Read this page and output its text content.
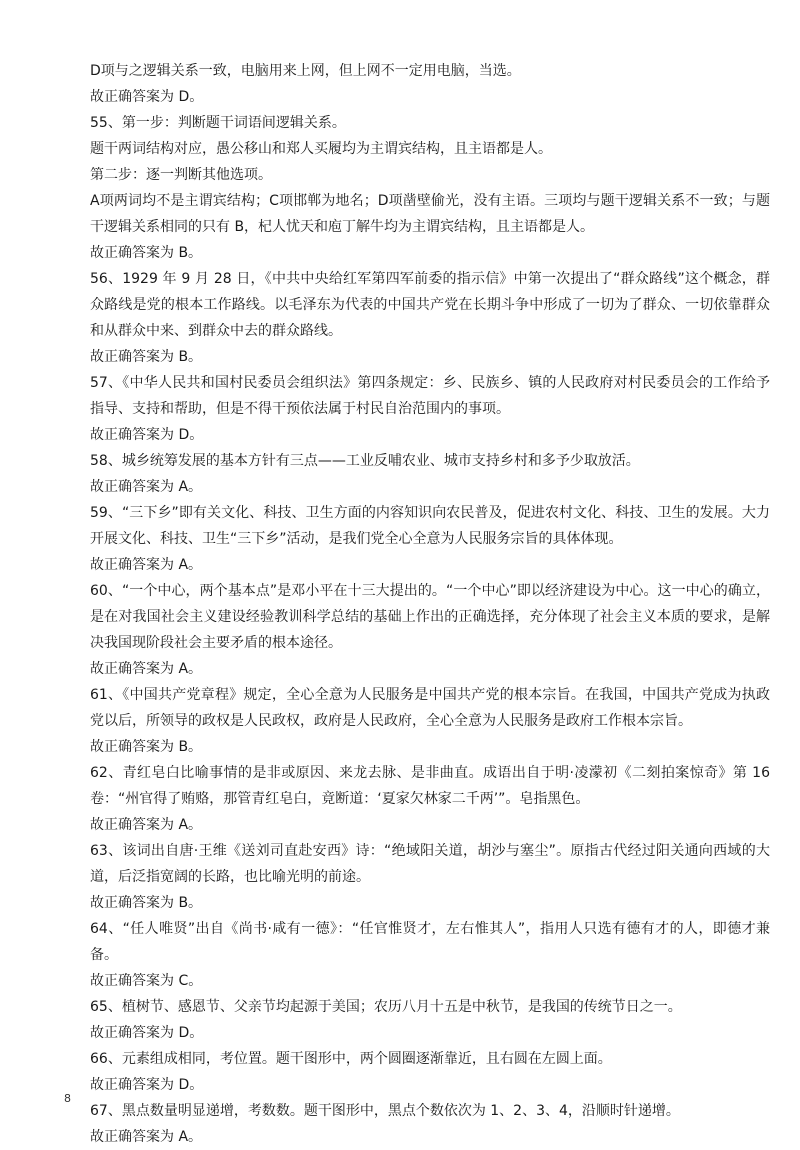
D项与之逻辑关系一致，电脑用来上网，但上网不一定用电脑，当选。

故正确答案为 D。

55、第一步：判断题干词语间逻辑关系。

题干两词结构对应，愚公移山和郑人买履均为主谓宾结构，且主语都是人。

第二步：逐一判断其他选项。

A项两词均不是主谓宾结构；C项邯郸为地名；D项凿壁偷光，没有主语。三项均与题干逻辑关系不一致；与题干逻辑关系相同的只有 B，杞人忧天和庖丁解牛均为主谓宾结构，且主语都是人。

故正确答案为 B。

56、1929 年 9 月 28 日，《中共中央给红军第四军前委的指示信》中第一次提出了“群众路线”这个概念，群众路线是党的根本工作路线。以毛泽东为代表的中国共产党在长期斗争中形成了一切为了群众、一切依靠群众和从群众中来、到群众中去的群众路线。

故正确答案为 B。

57、《中华人民共和国村民委员会组织法》第四条规定：乡、民族乡、镇的人民政府对村民委员会的工作给予指导、支持和帮助，但是不得干预依法属于村民自治范围内的事项。

故正确答案为 D。

58、城乡统筹发展的基本方针有三点——工业反哺农业、城市支持乡村和多予少取放活。

故正确答案为 A。

59、“三下乡”即有关文化、科技、卫生方面的内容知识向农民普及，促进农村文化、科技、卫生的发展。大力开展文化、科技、卫生“三下乡”活动，是我们党全心全意为人民服务宗旨的具体体现。

故正确答案为 A。

60、“一个中心，两个基本点”是邓小平在十三大提出的。“一个中心”即以经济建设为中心。这一中心的确立，是在对我国社会主义建设经验教训科学总结的基础上作出的正确选择，充分体现了社会主义本质的要求，是解决我国现阶段社会主要矛盾的根本途径。

故正确答案为 A。

61、《中国共产党章程》规定，全心全意为人民服务是中国共产党的根本宗旨。在我国，中国共产党成为执政党以后，所领导的政权是人民政权，政府是人民政府，全心全意为人民服务是政府工作根本宗旨。

故正确答案为 B。

62、青红皂白比喻事情的是非或原因、来龙去脉、是非曲直。成语出自于明·凌濛初《二刻拍案惊奇》第 16 卷：“州官得了贿赂，那管青红皂白，竟断道：‘夏家欠林家二千两’”。皂指黑色。

故正确答案为 A。

63、该词出自唐·王维《送刘司直赴安西》诗：“绝域阳关道，胡沙与塞尘”。原指古代经过阳关通向西域的大道，后泛指宽阔的长路，也比喻光明的前途。

故正确答案为 B。

64、“任人唯贤”出自《尚书·咸有一德》：“任官惟贤才，左右惟其人”，指用人只选有德有才的人，即德才兼备。

故正确答案为 C。

65、植树节、感恩节、父亲节均起源于美国；农历八月十五是中秋节，是我国的传统节日之一。

故正确答案为 D。

66、元素组成相同，考位置。题干图形中，两个圆圈逐渐靠近，且右圆在左圆上面。

故正确答案为 D。

67、黑点数量明显递增，考数数。题干图形中，黑点个数依次为 1、2、3、4，沿顺时针递增。

故正确答案为 A。

8
